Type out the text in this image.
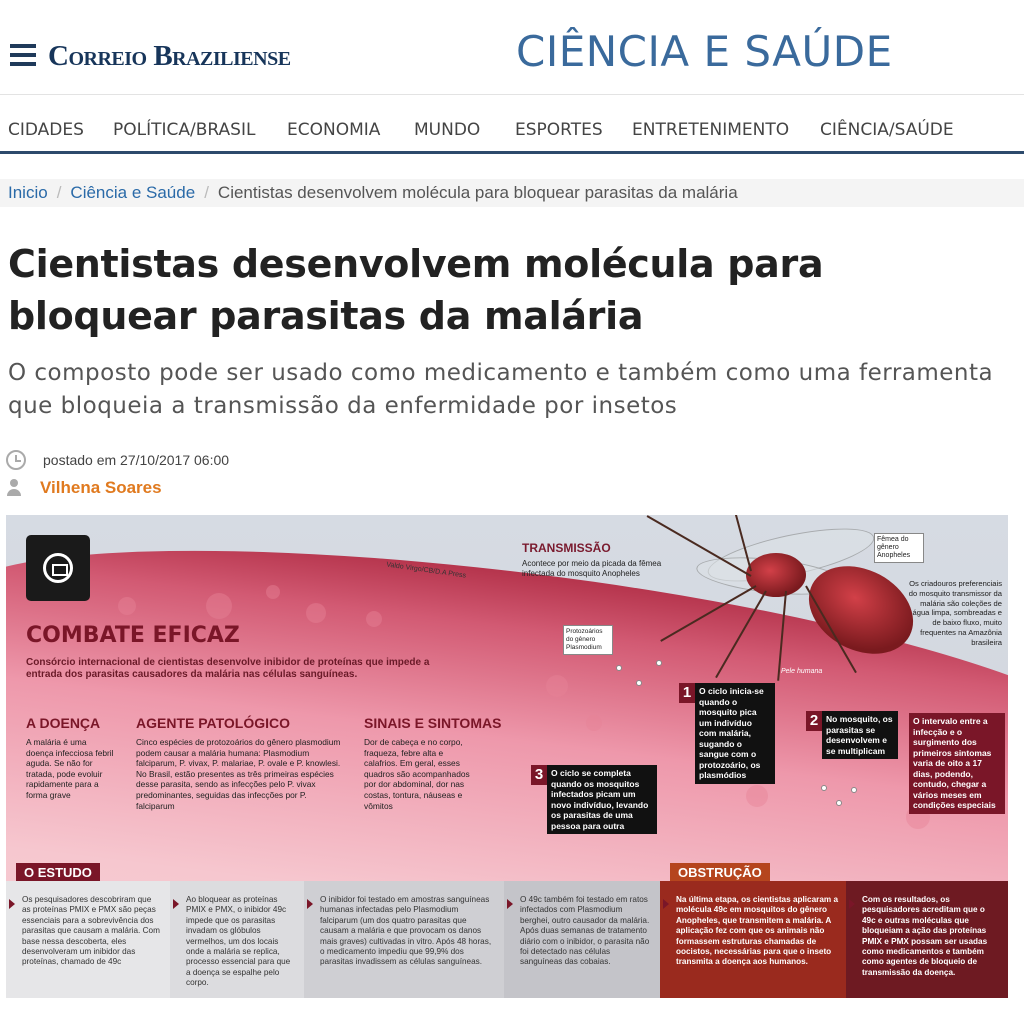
Correio Braziliense	CIÊNCIA E SAÚDE
CIDADES POLÍTICA/BRASIL ECONOMIA MUNDO ESPORTES ENTRETENIMENTO CIÊNCIA/SAÚDE
Inicio / Ciência e Saúde / Cientistas desenvolvem molécula para bloquear parasitas da malária
Cientistas desenvolvem molécula para bloquear parasitas da malária
O composto pode ser usado como medicamento e também como uma ferramenta que bloqueia a transmissão da enfermidade por insetos
postado em 27/10/2017 06:00
Vilhena Soares
Valdo Virgo/CB/D.A Press
Fêmea do gênero Anopheles
Os criadouros preferenciais do mosquito transmissor da malária são coleções de água limpa, sombreadas e de baixo fluxo, muito frequentes na Amazônia brasileira
Pele humana
TRANSMISSÃO
Acontece por meio da picada da fêmea infectada do mosquito Anopheles
Protozoários do gênero Plasmodium
COMBATE EFICAZ
Consórcio internacional de cientistas desenvolve inibidor de proteínas que impede a entrada dos parasitas causadores da malária nas células sanguíneas.
A DOENÇA
A malária é uma doença infecciosa febril aguda. Se não for tratada, pode evoluir rapidamente para a forma grave
AGENTE PATOLÓGICO
Cinco espécies de protozoários do gênero plasmodium podem causar a malária humana: Plasmodium falciparum, P. vivax, P. malariae, P. ovale e P. knowlesi. No Brasil, estão presentes as três primeiras espécies desse parasita, sendo as infecções pelo P. vivax predominantes, seguidas das infecções por P. falciparum
SINAIS E SINTOMAS
Dor de cabeça e no corpo, fraqueza, febre alta e calafrios. Em geral, esses quadros são acompanhados por dor abdominal, dor nas costas, tontura, náuseas e vômitos
1 O ciclo inicia-se quando o mosquito pica um indivíduo com malária, sugando o sangue com o protozoário, os plasmódios
2 No mosquito, os parasitas se desenvolvem e se multiplicam
3 O ciclo se completa quando os mosquitos infectados picam um novo indivíduo, levando os parasitas de uma pessoa para outra
O intervalo entre a infecção e o surgimento dos primeiros sintomas varia de oito a 17 dias, podendo, contudo, chegar a vários meses em condições especiais
O ESTUDO	OBSTRUÇÃO
Os pesquisadores descobriram que as proteínas PMIX e PMX são peças essenciais para a sobrevivência dos parasitas que causam a malária. Com base nessa descoberta, eles desenvolveram um inibidor das proteínas, chamado de 49c
Ao bloquear as proteínas PMIX e PMX, o inibidor 49c impede que os parasitas invadam os glóbulos vermelhos, um dos locais onde a malária se replica, processo essencial para que a doença se espalhe pelo corpo.
O inibidor foi testado em amostras sanguíneas humanas infectadas pelo Plasmodium falciparum (um dos quatro parasitas que causam a malária e que provocam os danos mais graves) cultivadas in vitro. Após 48 horas, o medicamento impediu que 99,9% dos parasitas invadissem as células sanguíneas.
O 49c também foi testado em ratos infectados com Plasmodium berghei, outro causador da malária. Após duas semanas de tratamento diário com o inibidor, o parasita não foi detectado nas células sanguíneas das cobaias.
Na última etapa, os cientistas aplicaram a molécula 49c em mosquitos do gênero Anopheles, que transmitem a malária. A aplicação fez com que os animais não formassem estruturas chamadas de oocistos, necessárias para que o inseto transmita a doença aos humanos.
Com os resultados, os pesquisadores acreditam que o 49c e outras moléculas que bloqueiam a ação das proteínas PMIX e PMX possam ser usadas como medicamentos e também como agentes de bloqueio de transmissão da doença.
